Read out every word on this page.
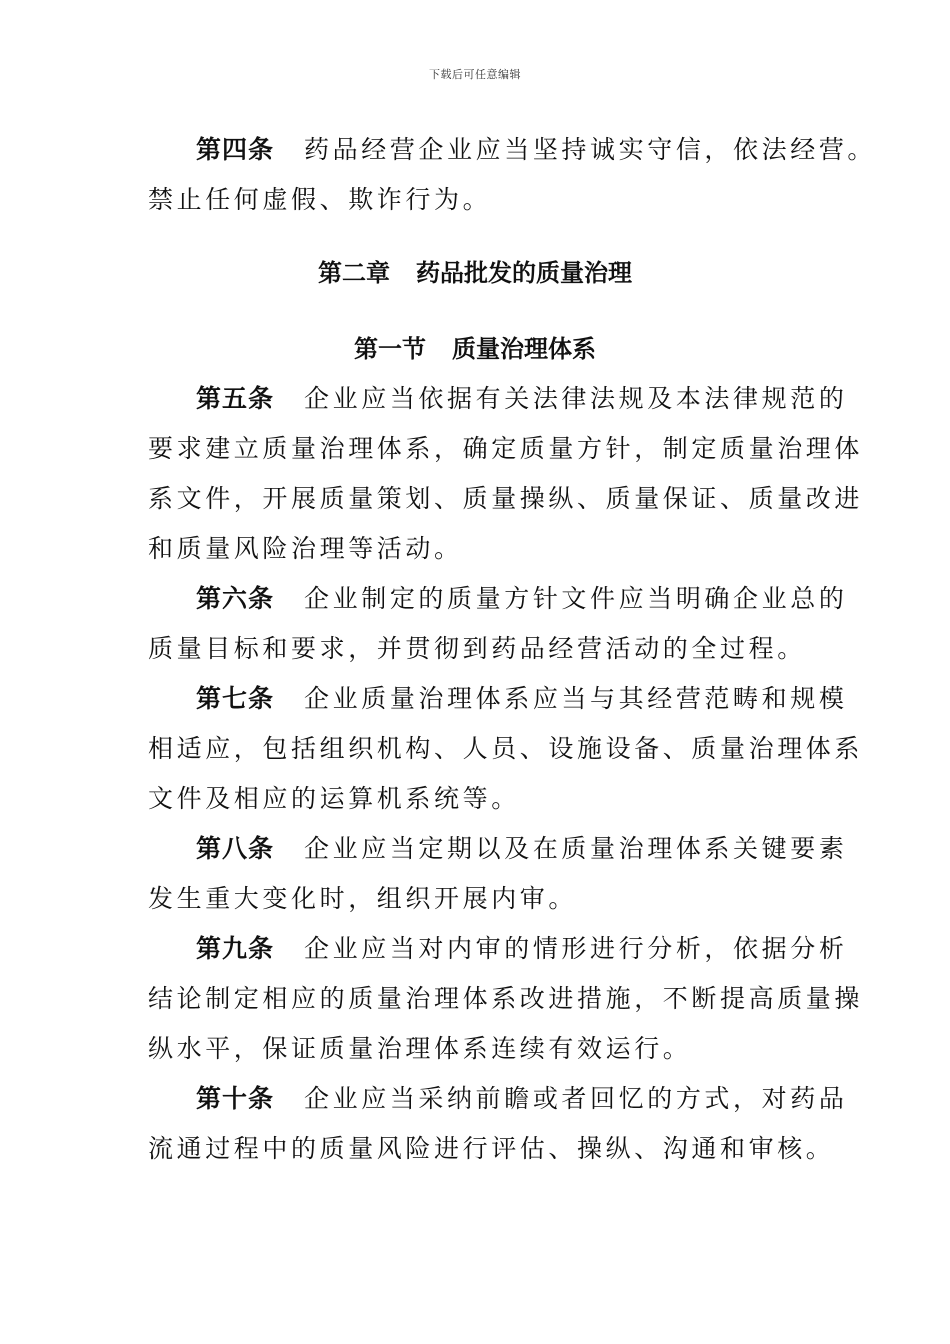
下载后可任意编辑
第四条 药品经营企业应当坚持诚实守信，依法经营。
禁止任何虚假、欺诈行为。
第二章 药品批发的质量治理
第一节 质量治理体系
第五条 企业应当依据有关法律法规及本法律规范的
要求建立质量治理体系，确定质量方针，制定质量治理体
系文件，开展质量策划、质量操纵、质量保证、质量改进
和质量风险治理等活动。
第六条 企业制定的质量方针文件应当明确企业总的
质量目标和要求，并贯彻到药品经营活动的全过程。
第七条 企业质量治理体系应当与其经营范畴和规模
相适应，包括组织机构、人员、设施设备、质量治理体系
文件及相应的运算机系统等。
第八条 企业应当定期以及在质量治理体系关键要素
发生重大变化时，组织开展内审。
第九条 企业应当对内审的情形进行分析，依据分析
结论制定相应的质量治理体系改进措施，不断提高质量操
纵水平，保证质量治理体系连续有效运行。
第十条 企业应当采纳前瞻或者回忆的方式，对药品
流通过程中的质量风险进行评估、操纵、沟通和审核。
